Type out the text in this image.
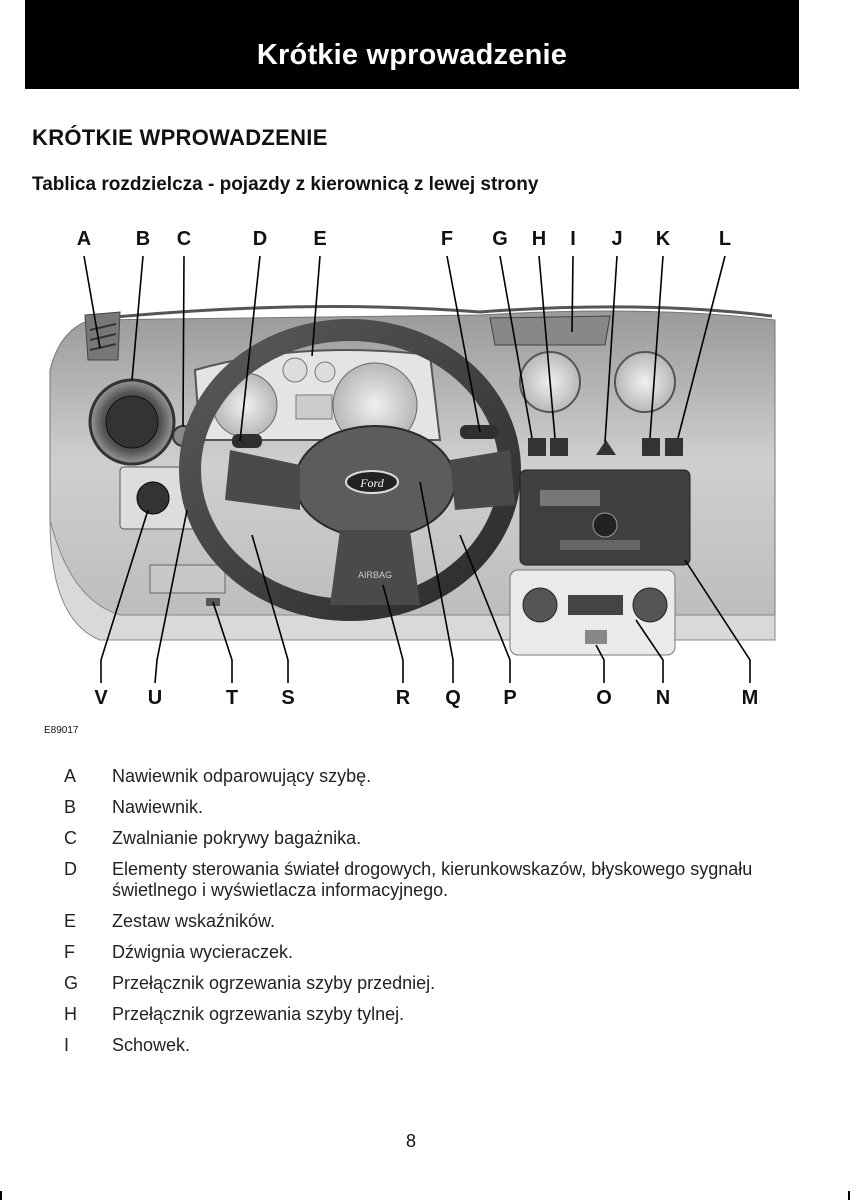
Krótkie wprowadzenie
KRÓTKIE WPROWADZENIE
Tablica rozdzielcza - pojazdy z kierownicą z lewej strony
Ford
AIRBAG
A B C	D E	F G H	I	J	K L
V U	T S	R Q P	O N	M
E89017
A	Nawiewnik odparowujący szybę.
B	Nawiewnik.
C	Zwalnianie pokrywy bagażnika.
D	Elementy sterowania świateł drogowych, kierunkowskazów, błyskowego sygnału świetlnego i wyświetlacza informacyjnego.
E	Zestaw wskaźników.
F	Dźwignia wycieraczek.
G	Przełącznik ogrzewania szyby przedniej.
H	Przełącznik ogrzewania szyby tylnej.
I	Schowek.
8
